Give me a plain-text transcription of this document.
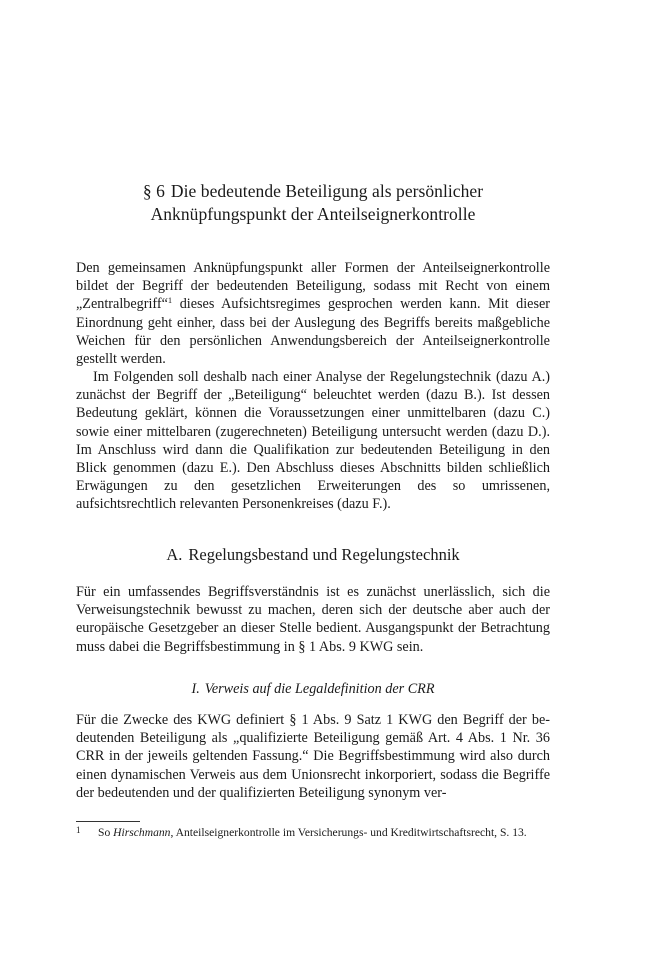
§ 6 Die bedeutende Beteiligung als persönlicher
Anknüpfungspunkt der Anteilseignerkontrolle

Den gemeinsamen Anknüpfungspunkt aller Formen der Anteilseignerkontrolle bildet der Begriff der bedeutenden Beteiligung, sodass mit Recht von einem „Zentralbegriff“$^1$ dieses Aufsichtsregimes gesprochen werden kann. Mit dieser Einordnung geht einher, dass bei der Auslegung des Begriffs bereits maßgebliche Weichen für den persönlichen Anwendungsbereich der Anteilseignerkontrolle gestellt werden.

Im Folgenden soll deshalb nach einer Analyse der Regelungstechnik (dazu A.) zunächst der Begriff der „Beteiligung“ beleuchtet werden (dazu B.). Ist dessen Bedeutung geklärt, können die Voraussetzungen einer unmittelbaren (dazu C.) sowie einer mittelbaren (zugerechneten) Beteiligung untersucht werden (dazu D.). Im Anschluss wird dann die Qualifikation zur bedeutenden Beteiligung in den Blick genommen (dazu E.). Den Abschluss dieses Abschnitts bilden schließlich Erwägungen zu den gesetzlichen Erweiterungen des so umrissenen, aufsichtsrechtlich relevanten Personenkreises (dazu F.).

A. Regelungsbestand und Regelungstechnik

Für ein umfassendes Begriffsverständnis ist es zunächst unerlässlich, sich die Verweisungstechnik bewusst zu machen, deren sich der deutsche aber auch der europäische Gesetzgeber an dieser Stelle bedient. Ausgangspunkt der Betrachtung muss dabei die Begriffsbestimmung in § 1 Abs. 9 KWG sein.

I. Verweis auf die Legaldefinition der CRR

Für die Zwecke des KWG definiert § 1 Abs. 9 Satz 1 KWG den Begriff der bedeutenden Beteiligung als „qualifizierte Beteiligung gemäß Art. 4 Abs. 1 Nr. 36 CRR in der jeweils geltenden Fassung.“ Die Begriffsbestimmung wird also durch einen dynamischen Verweis aus dem Unionsrecht inkorporiert, sodass die Begriffe der bedeutenden und der qualifizierten Beteiligung synonym ver-

1 So Hirschmann, Anteilseignerkontrolle im Versicherungs- und Kreditwirtschaftsrecht, S. 13.
